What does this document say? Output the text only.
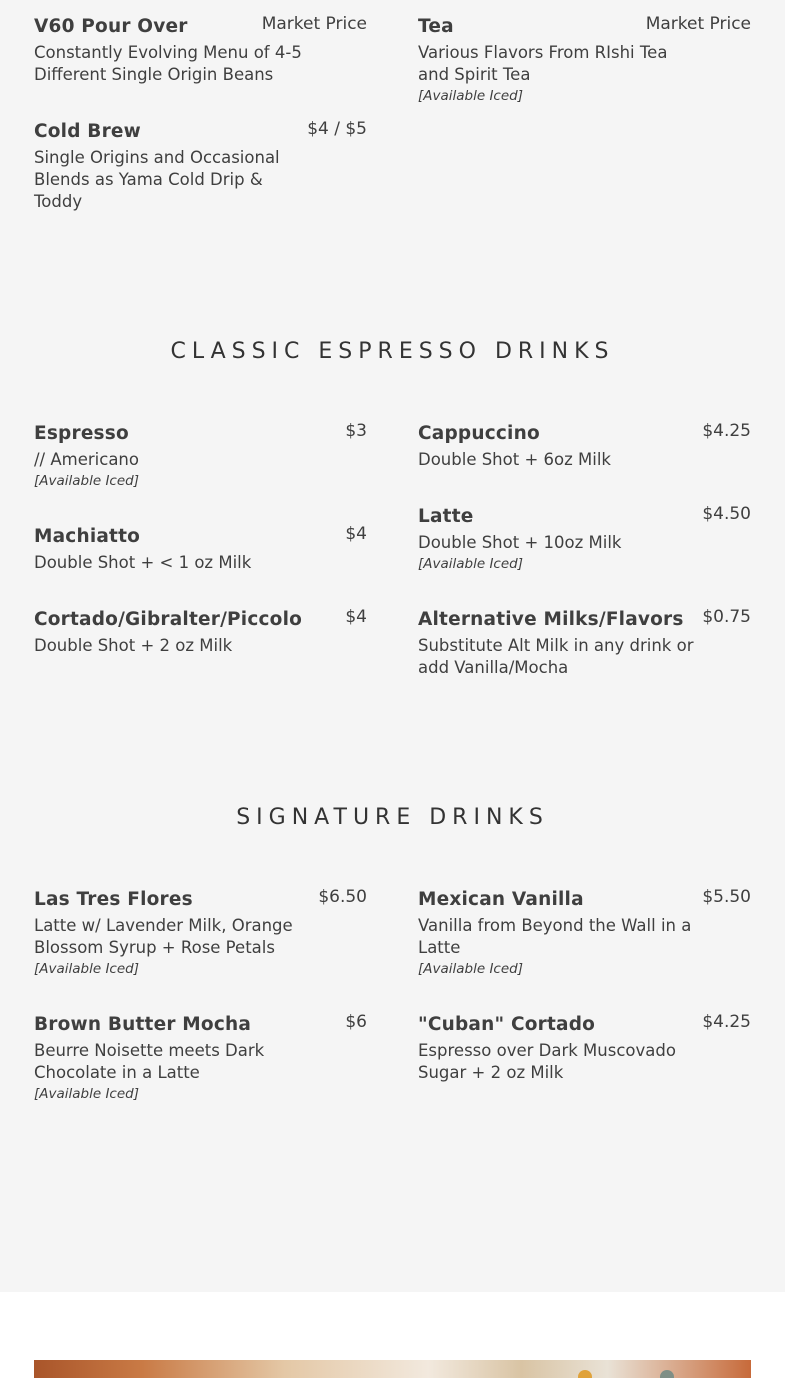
V60 Pour Over	Market Price
Constantly Evolving Menu of 4-5 Different Single Origin Beans
Cold Brew	$4 / $5
Single Origins and Occasional Blends as Yama Cold Drip & Toddy
Tea	Market Price
Various Flavors From RIshi Tea and Spirit Tea
[Available Iced]
CLASSIC ESPRESSO DRINKS
Espresso	$3
// Americano
[Available Iced]
Machiatto	$4
Double Shot + < 1 oz Milk
Cortado/Gibralter/Piccolo	$4
Double Shot + 2 oz Milk
Cappuccino	$4.25
Double Shot + 6oz Milk
Latte	$4.50
Double Shot + 10oz Milk
[Available Iced]
Alternative Milks/Flavors $0.75
Substitute Alt Milk in any drink or add Vanilla/Mocha
SIGNATURE DRINKS
Las Tres Flores	$6.50
Latte w/ Lavender Milk, Orange Blossom Syrup + Rose Petals
[Available Iced]
Brown Butter Mocha	$6
Beurre Noisette meets Dark Chocolate in a Latte
[Available Iced]
Mexican Vanilla	$5.50
Vanilla from Beyond the Wall in a Latte
[Available Iced]
"Cuban" Cortado	$4.25
Espresso over Dark Muscovado Sugar + 2 oz Milk
